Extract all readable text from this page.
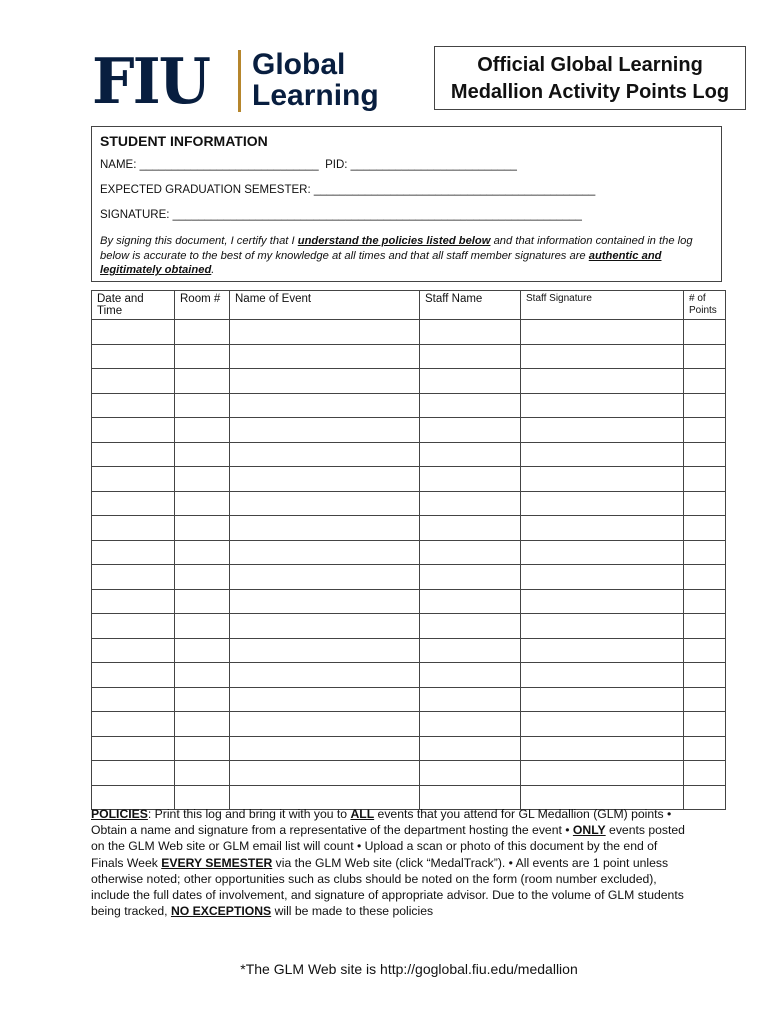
FIU Global
Learning
Official Global Learning
Medallion Activity Points Log
STUDENT INFORMATION
NAME: ____________________________  PID: __________________________
EXPECTED GRADUATION SEMESTER: ____________________________________________
SIGNATURE: ________________________________________________________________
By signing this document, I certify that I understand the policies listed below and that information contained in the log below is accurate to the best of my knowledge at all times and that all staff member signatures are authentic and legitimately obtained.
Date and Time	Room #	Name of Event	Staff Name	Staff Signature	# of Points

POLICIES: Print this log and bring it with you to ALL events that you attend for GL Medallion (GLM) points • Obtain a name and signature from a representative of the department hosting the event • ONLY events posted on the GLM Web site or GLM email list will count • Upload a scan or photo of this document by the end of Finals Week EVERY SEMESTER via the GLM Web site (click “MedalTrack”). • All events are 1 point unless otherwise noted; other opportunities such as clubs should be noted on the form (room number excluded), include the full dates of involvement, and signature of appropriate advisor. Due to the volume of GLM students being tracked, NO EXCEPTIONS will be made to these policies
*The GLM Web site is http://goglobal.fiu.edu/medallion
